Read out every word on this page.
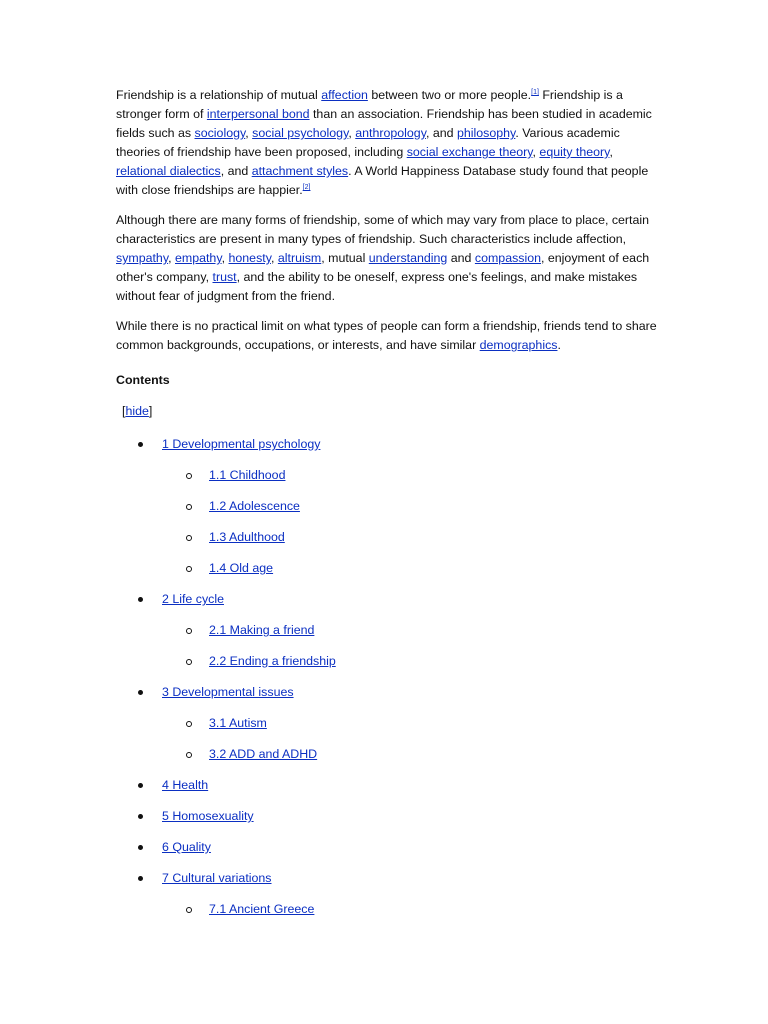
Friendship is a relationship of mutual affection between two or more people.[1] Friendship is a stronger form of interpersonal bond than an association. Friendship has been studied in academic fields such as sociology, social psychology, anthropology, and philosophy. Various academic theories of friendship have been proposed, including social exchange theory, equity theory, relational dialectics, and attachment styles. A World Happiness Database study found that people with close friendships are happier.[2]

Although there are many forms of friendship, some of which may vary from place to place, certain characteristics are present in many types of friendship. Such characteristics include affection, sympathy, empathy, honesty, altruism, mutual understanding and compassion, enjoyment of each other's company, trust, and the ability to be oneself, express one's feelings, and make mistakes without fear of judgment from the friend.

While there is no practical limit on what types of people can form a friendship, friends tend to share common backgrounds, occupations, or interests, and have similar demographics.

Contents
[hide]
1 Developmental psychology
1.1 Childhood
1.2 Adolescence
1.3 Adulthood
1.4 Old age
2 Life cycle
2.1 Making a friend
2.2 Ending a friendship
3 Developmental issues
3.1 Autism
3.2 ADD and ADHD
4 Health
5 Homosexuality
6 Quality
7 Cultural variations
7.1 Ancient Greece
